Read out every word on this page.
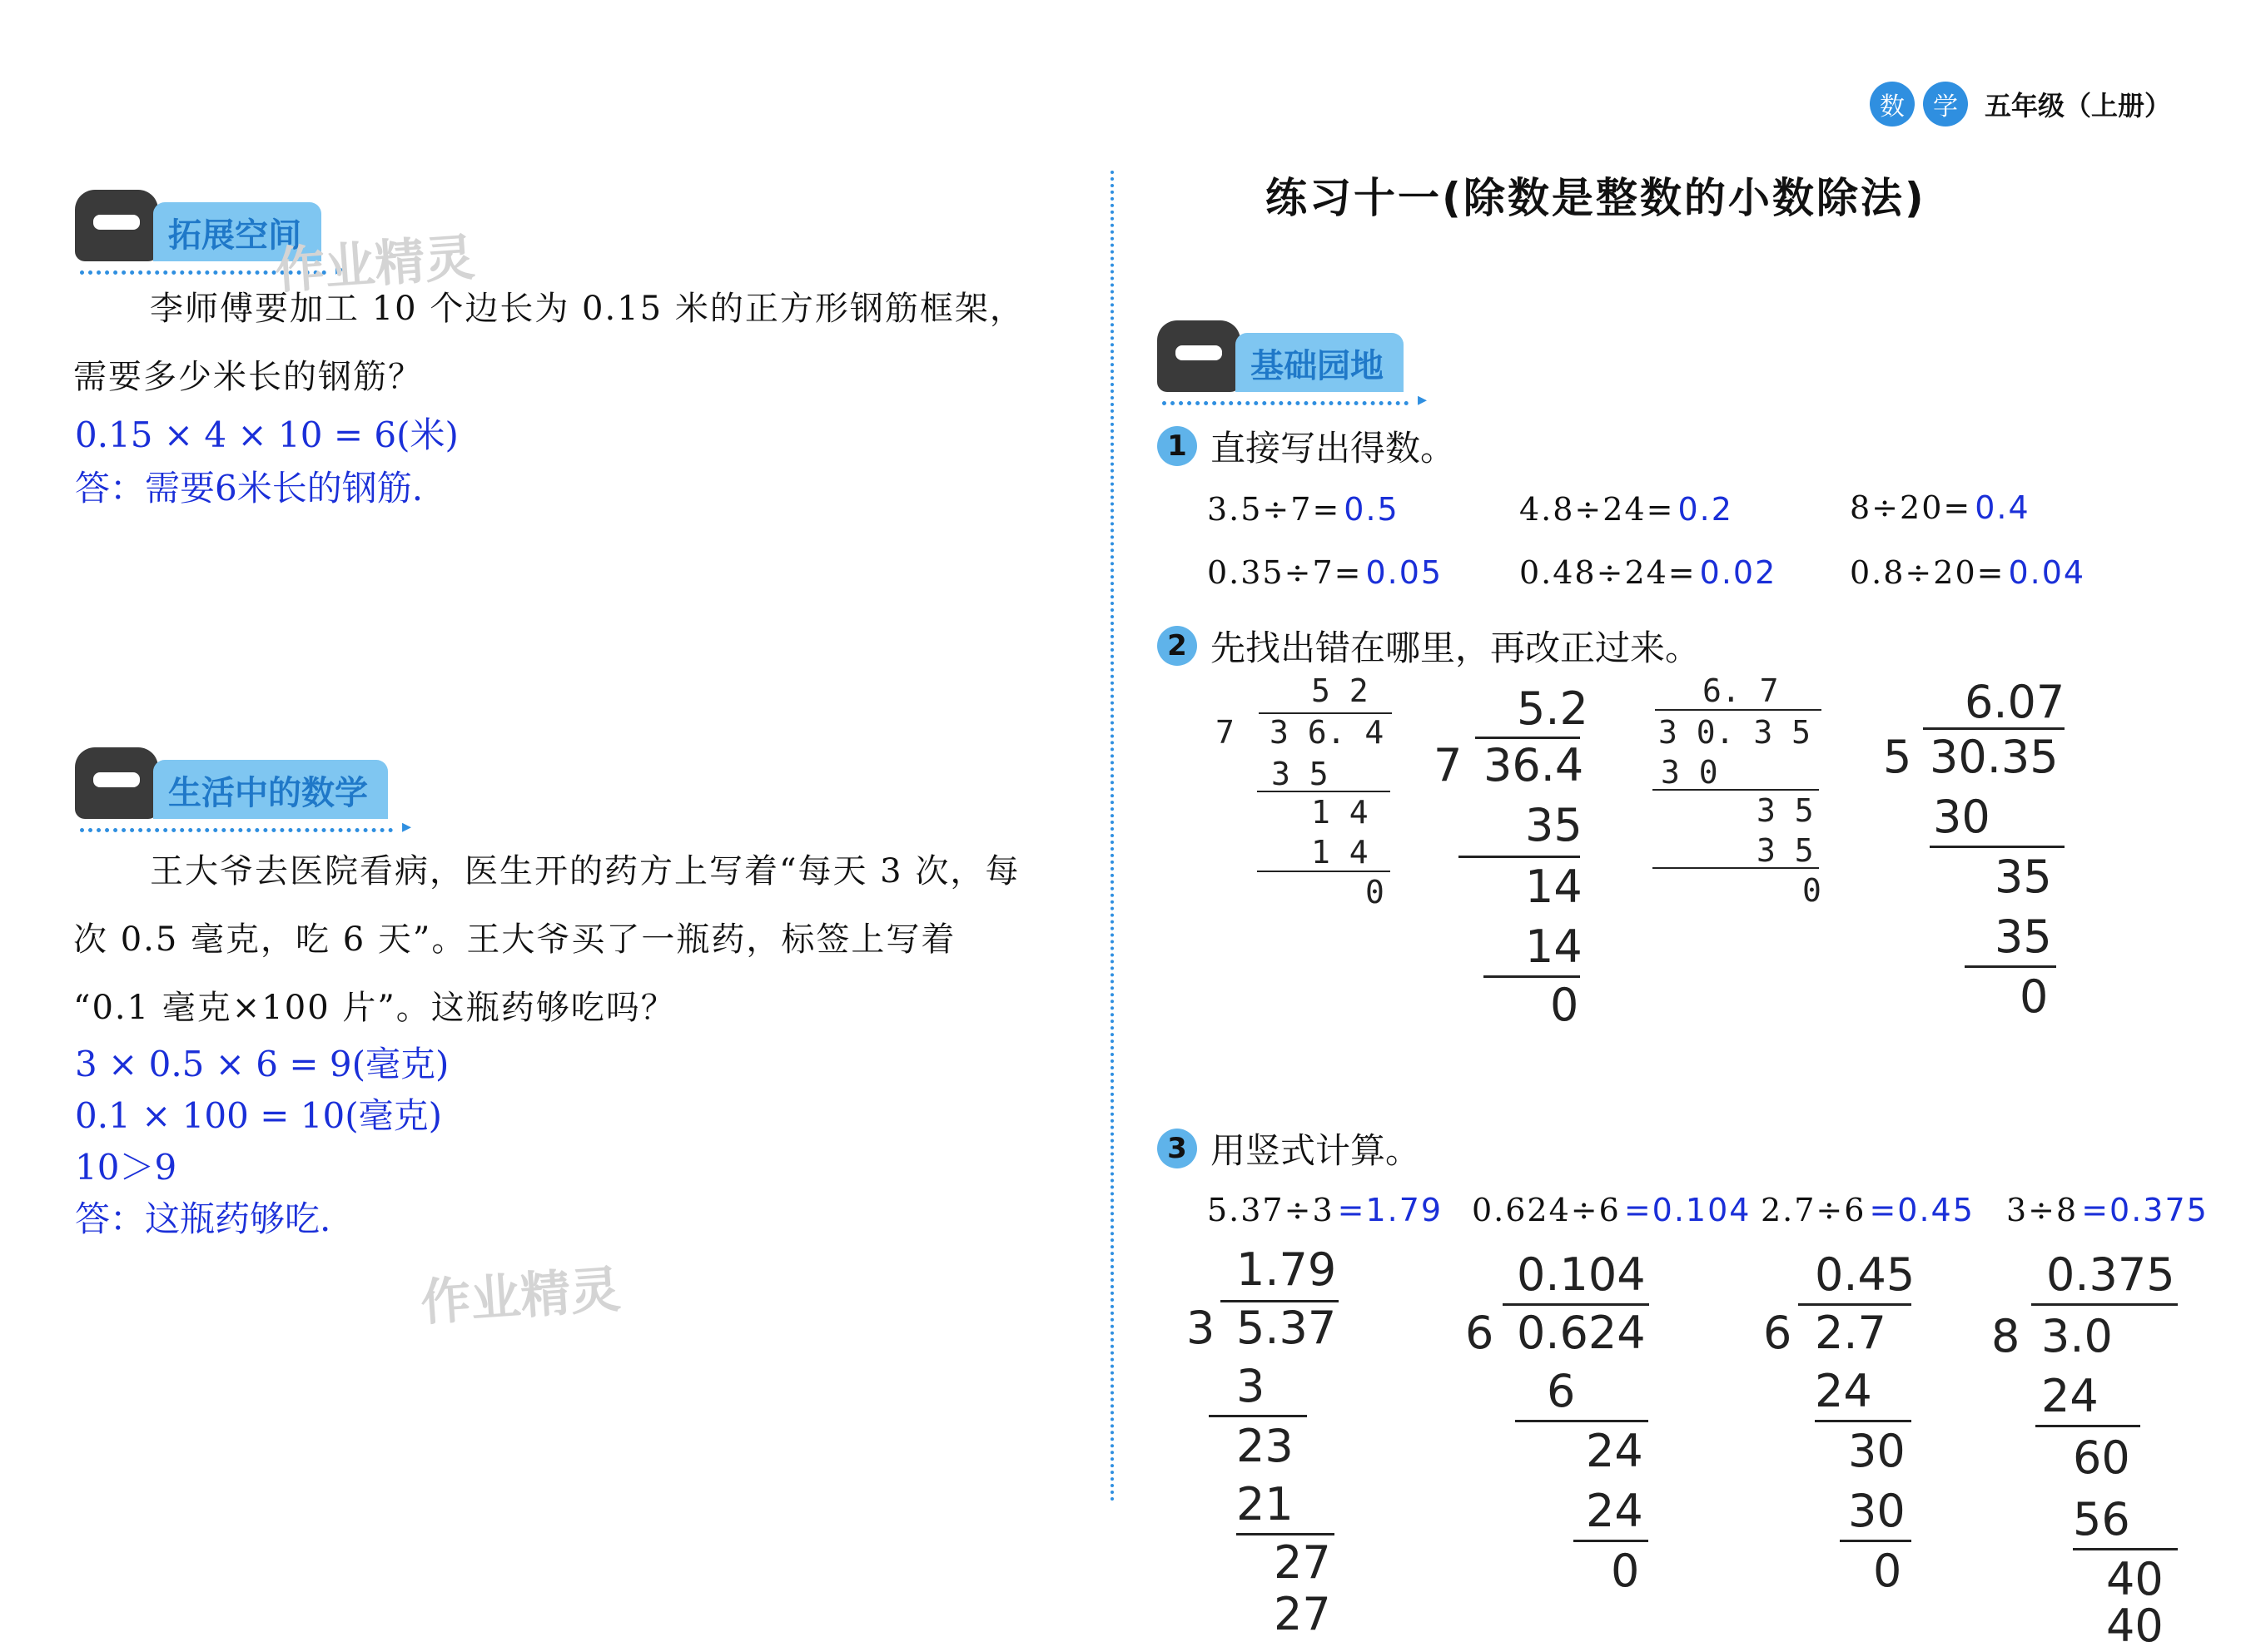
数	学	五年级（上册）
拓展空间
▸
作业精灵
李师傅要加工 10 个边长为 0.15 米的正方形钢筋框架，
需要多少米长的钢筋？
0.15 × 4 × 10 = 6(米)
答：需要6米长的钢筋.
生活中的数学
▸
王大爷去医院看病，医生开的药方上写着“每天 3 次，每
次 0.5 毫克，吃 6 天”。王大爷买了一瓶药，标签上写着
“0.1 毫克×100 片”。这瓶药够吃吗？
3 × 0.5 × 6 = 9(毫克)
0.1 × 100 = 10(毫克)
10＞9
答：这瓶药够吃.
作业精灵
练习十一(除数是整数的小数除法)
基础园地
▸
1 直接写出得数。
3.5÷7= 0.5	4.8÷24= 0.2	8÷20= 0.4
0.35÷7= 0.05 0.48÷24= 0.02 0.8÷20= 0.04
2 先找出错在哪里，再改正过来。
5 2
7 3 6. 4
3 5
1 4
1 4
0
5.2
7 36.4
35
14
14
0
6. 7
3 0. 3 5
3 0
3 5
3 5
0
6.07
5 30.35
30
35
35
0
3 用竖式计算。
5.37÷3 =1.79 0.624÷6 =0.104 2.7÷6 =0.45 3÷8 =0.375
1.79
3 5.37
3
23
21
27
27
0.104
6 0.624
6
24
24
0
0.45
6 2.7
24
30
30
0
0.375
8 3.0
24
60
56
40
40
